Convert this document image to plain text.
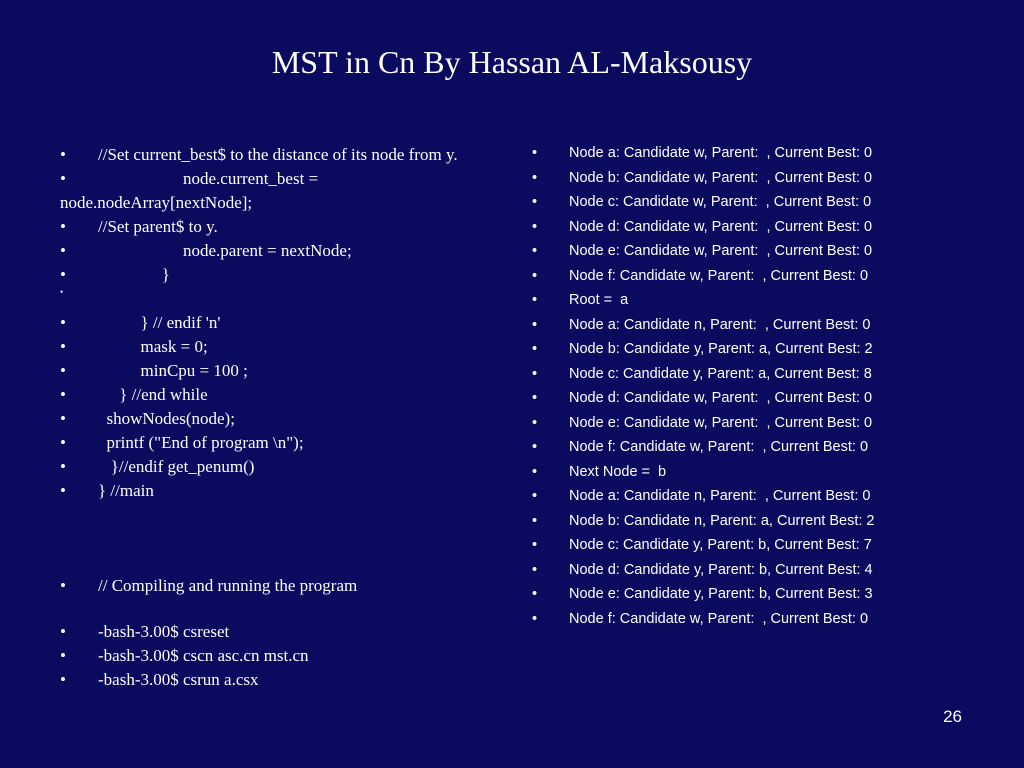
MST in Cn By Hassan AL-Maksousy
• //Set current_best$ to the distance of its node from y.
•                    node.current_best = node.nodeArray[nextNode];
•	//Set parent$ to y.
•	node.parent = nextNode;
•	}
•
•	} // endif 'n'
•	mask = 0;
•	minCpu = 100 ;
•	} //end while
•	showNodes(node);
•	printf ("End of program \n");
•	}//endif get_penum()
•	} //main
•	// Compiling and running the program
•	-bash-3.00$ csreset
•	-bash-3.00$ cscn asc.cn mst.cn
•	-bash-3.00$ csrun a.csx
• Node a: Candidate w, Parent:  , Current Best: 0
• Node b: Candidate w, Parent:  , Current Best: 0
• Node c: Candidate w, Parent:  , Current Best: 0
• Node d: Candidate w, Parent:  , Current Best: 0
• Node e: Candidate w, Parent:  , Current Best: 0
• Node f: Candidate w, Parent:  , Current Best: 0
• Root =  a
• Node a: Candidate n, Parent:  , Current Best: 0
• Node b: Candidate y, Parent: a, Current Best: 2
• Node c: Candidate y, Parent: a, Current Best: 8
• Node d: Candidate w, Parent:  , Current Best: 0
• Node e: Candidate w, Parent:  , Current Best: 0
• Node f: Candidate w, Parent:  , Current Best: 0
• Next Node =  b
• Node a: Candidate n, Parent:  , Current Best: 0
• Node b: Candidate n, Parent: a, Current Best: 2
• Node c: Candidate y, Parent: b, Current Best: 7
• Node d: Candidate y, Parent: b, Current Best: 4
• Node e: Candidate y, Parent: b, Current Best: 3
• Node f: Candidate w, Parent:  , Current Best: 0
26
